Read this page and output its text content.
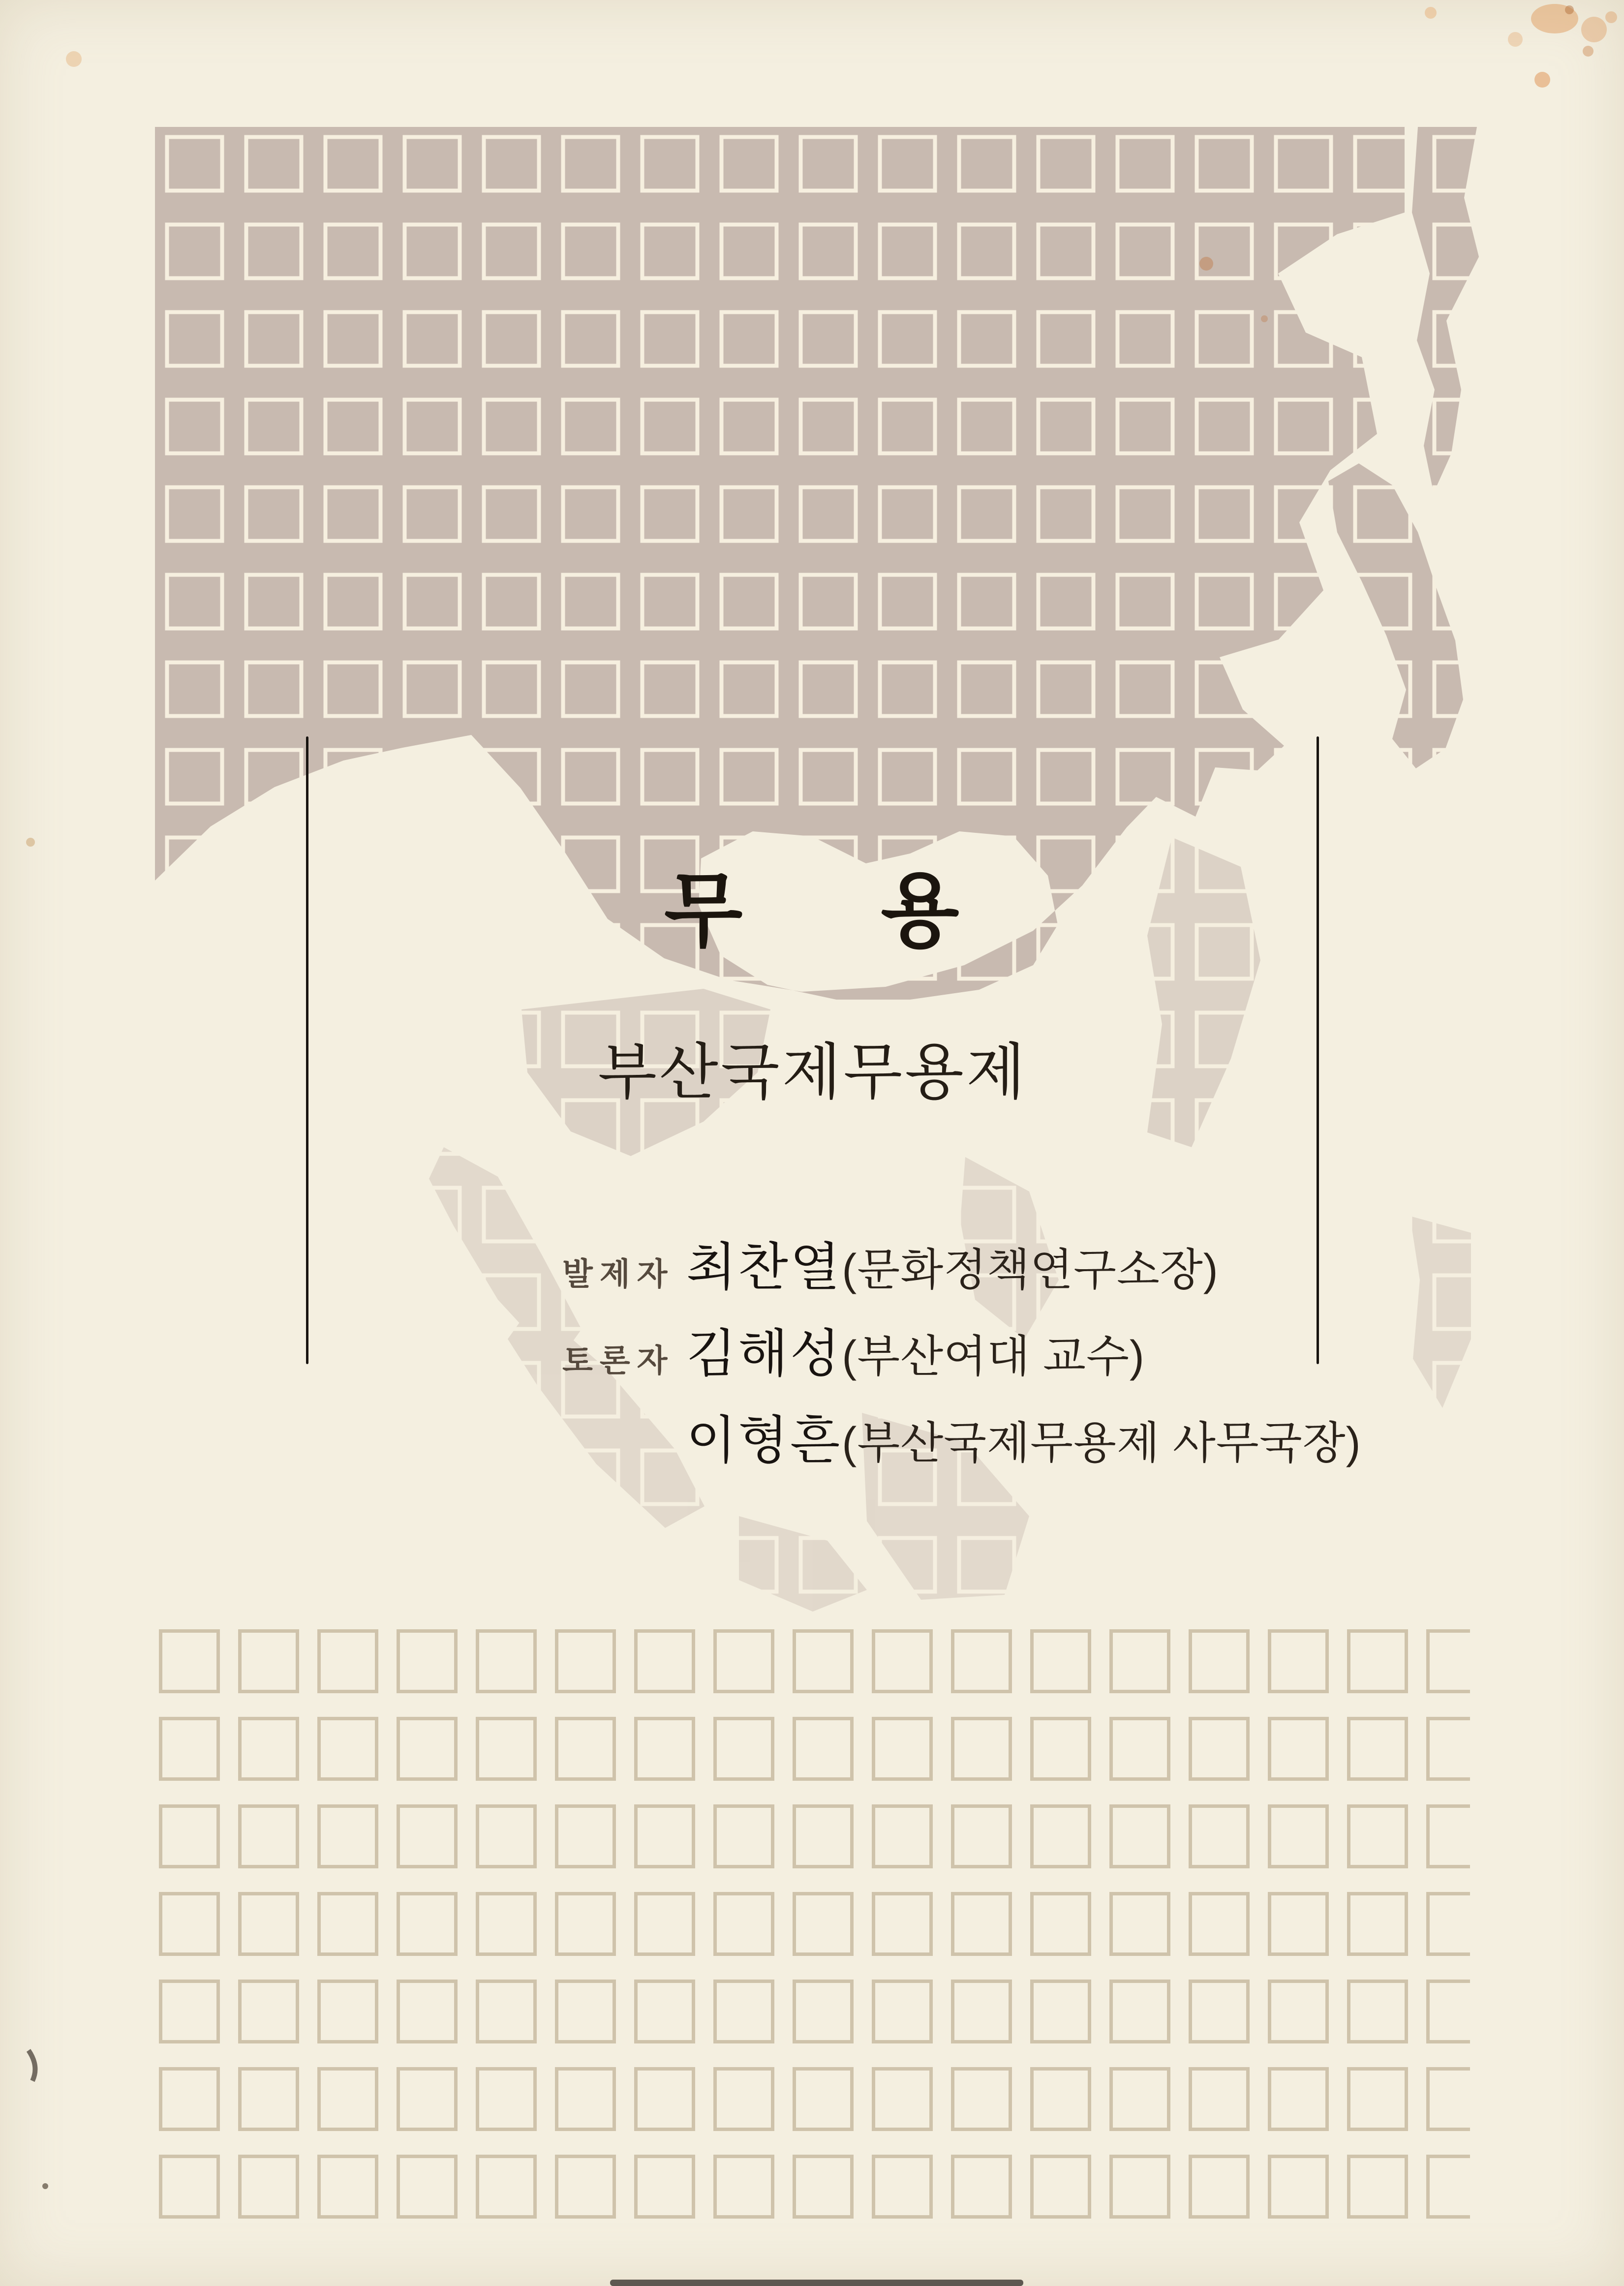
무 용
부산국제무용제
발제자 최찬열 (문화정책연구소장)
토론자 김해성 (부산여대 교수)
이형흔 (부산국제무용제 사무국장)
